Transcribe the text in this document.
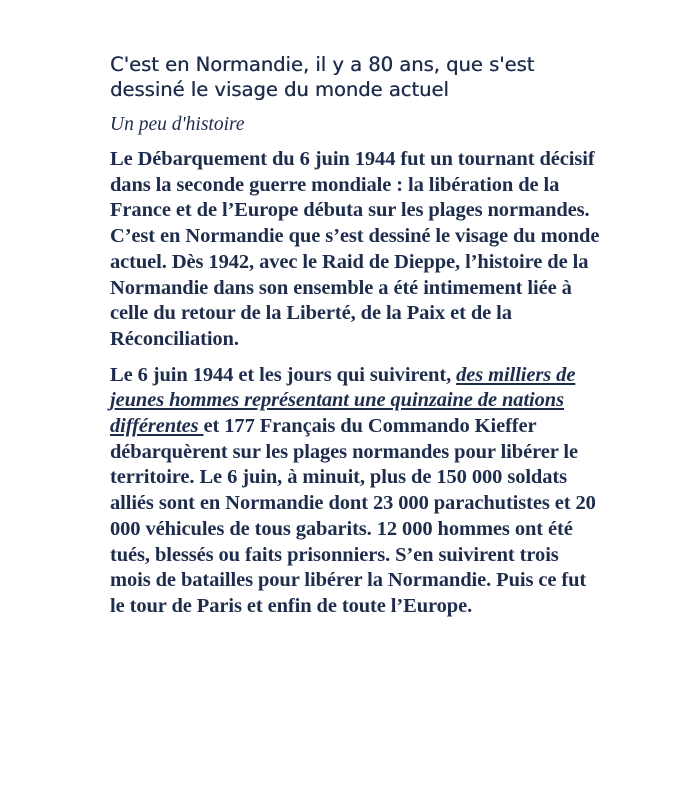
C'est en Normandie, il y a 80 ans, que s'est dessiné le visage du monde actuel
Un peu d'histoire

Le Débarquement du 6 juin 1944 fut un tournant décisif dans la seconde guerre mondiale : la libération de la France et de l’Europe débuta sur les plages normandes. C’est en Normandie que s’est dessiné le visage du monde actuel. Dès 1942, avec le Raid de Dieppe, l’histoire de la Normandie dans son ensemble a été intimement liée à celle du retour de la Liberté, de la Paix et de la Réconciliation.

Le 6 juin 1944 et les jours qui suivirent, des milliers de jeunes hommes représentant une quinzaine de nations différentes et 177 Français du Commando Kieffer débarquèrent sur les plages normandes pour libérer le territoire. Le 6 juin, à minuit, plus de 150 000 soldats alliés sont en Normandie dont 23 000 parachutistes et 20 000 véhicules de tous gabarits. 12 000 hommes ont été tués, blessés ou faits prisonniers. S’en suivirent trois mois de batailles pour libérer la Normandie. Puis ce fut le tour de Paris et enfin de toute l’Europe.
